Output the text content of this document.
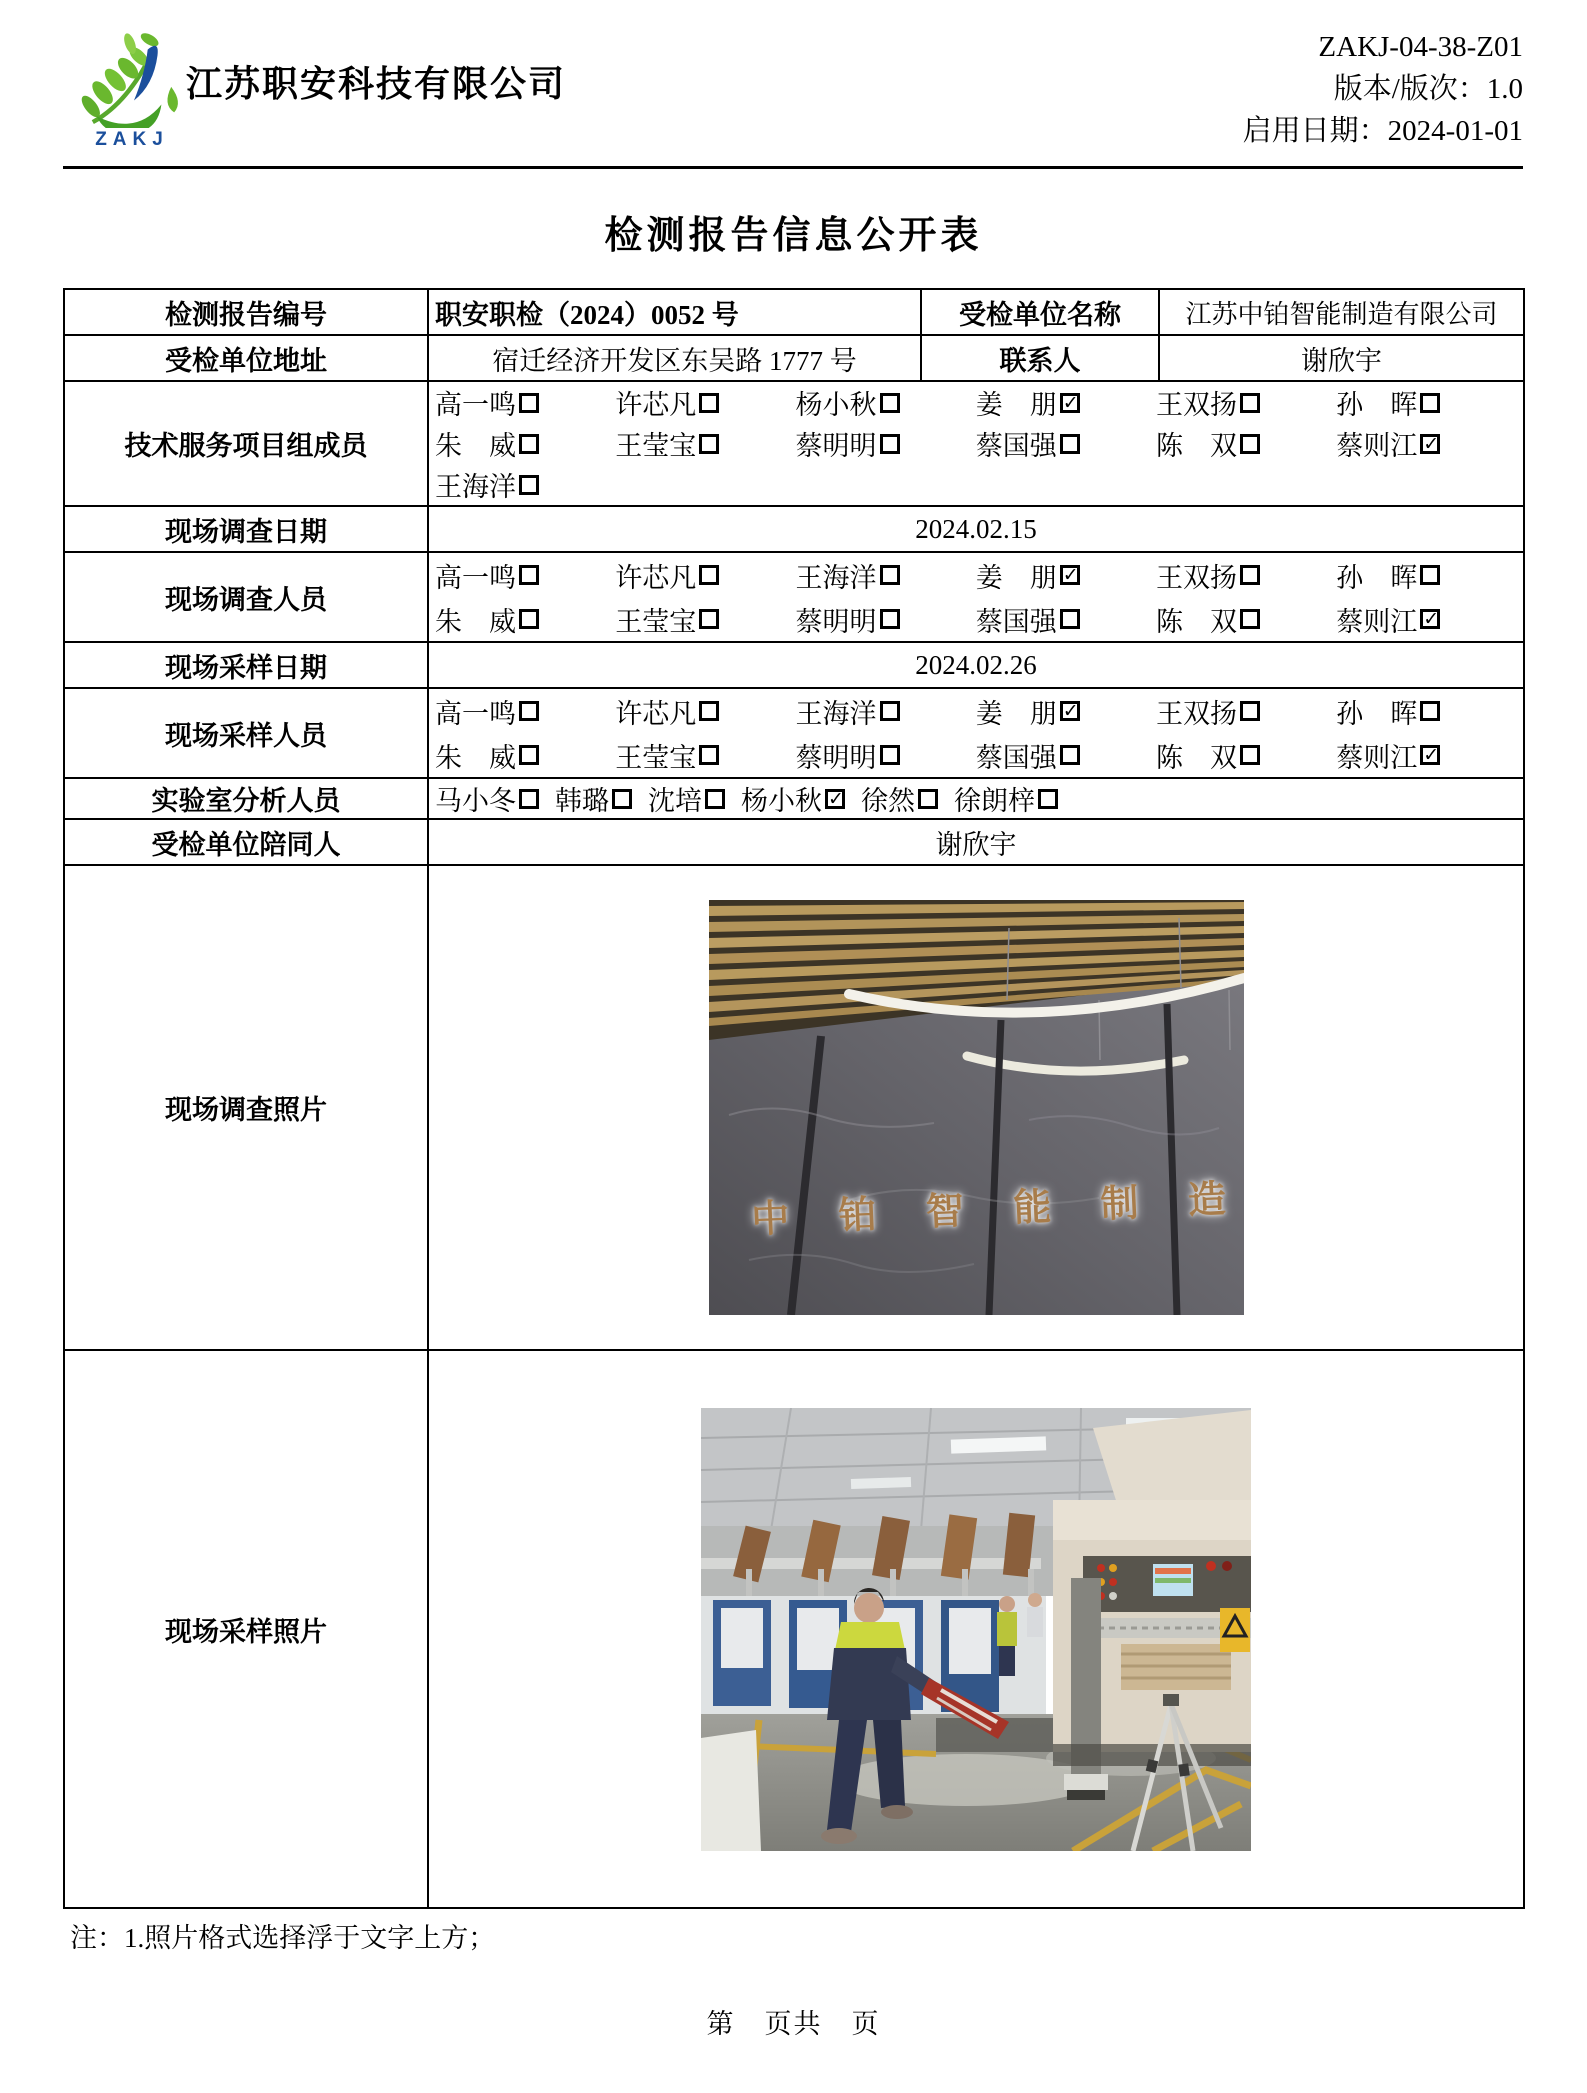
ZAKJ
江苏职安科技有限公司
ZAKJ-04-38-Z01
版本/版次：1.0
启用日期：2024-01-01
检测报告信息公开表
检测报告编号	职安职检（2024）0052 号	受检单位名称	江苏中铂智能制造有限公司
受检单位地址	宿迁经济开发区东吴路 1777 号	联系人	谢欣宇
技术服务项目组成员	
高一鸣	许芯凡	杨小秋	姜　朋 ✓	王双扬	孙　晖
朱　威	王莹宝	蔡明明	蔡国强	陈　双	蔡则江 ✓
王海洋

现场调查日期	2024.02.15		
现场调查人员	
高一鸣	许芯凡	王海洋	姜　朋 ✓	王双扬	孙　晖
朱　威	王莹宝	蔡明明	蔡国强	陈　双	蔡则江 ✓

现场采样日期	2024.02.26		
现场采样人员	
高一鸣	许芯凡	王海洋	姜　朋 ✓	王双扬	孙　晖
朱　威	王莹宝	蔡明明	蔡国强	陈　双	蔡则江 ✓

实验室分析人员	马小冬 韩璐 沈培 杨小秋 ✓ 徐然 徐朗梓

受检单位陪同人	谢欣宇		
现场调查照片	
中 铂 智 能 制 造

现场采样照片	
注：1.照片格式选择浮于文字上方；
第　页共　页
